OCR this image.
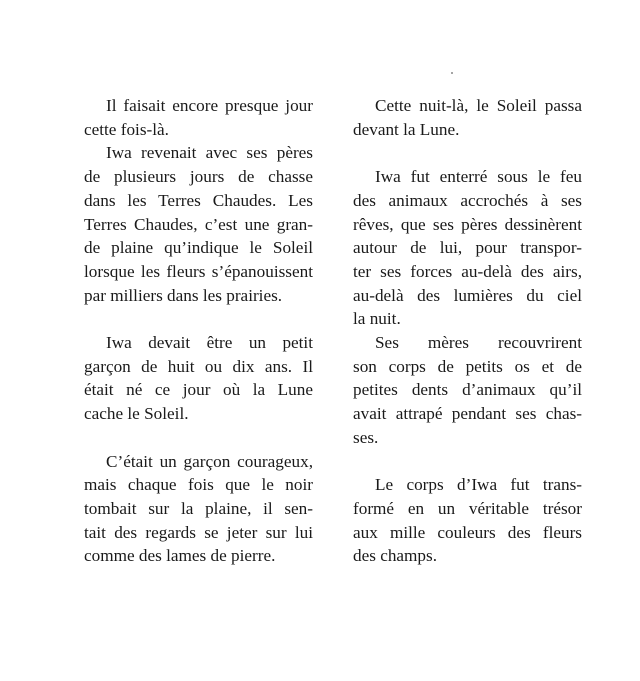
Il faisait encore presque jour
cette fois-là.
Iwa revenait avec ses pères
de plusieurs jours de chasse
dans les Terres Chaudes. Les
Terres Chaudes, c’est une gran-
de plaine qu’indique le Soleil
lorsque les fleurs s’épanouissent
par milliers dans les prairies.
Iwa devait être un petit
garçon de huit ou dix ans. Il
était né ce jour où la Lune
cache le Soleil.
C’était un garçon courageux,
mais chaque fois que le noir
tombait sur la plaine, il sen-
tait des regards se jeter sur lui
comme des lames de pierre.
Cette nuit-là, le Soleil passa
devant la Lune.
Iwa fut enterré sous le feu
des animaux accrochés à ses
rêves, que ses pères dessinèrent
autour de lui, pour transpor-
ter ses forces au-delà des airs,
au-delà des lumières du ciel
la nuit.
Ses mères recouvrirent
son corps de petits os et de
petites dents d’animaux qu’il
avait attrapé pendant ses chas-
ses.
Le corps d’Iwa fut trans-
formé en un véritable trésor
aux mille couleurs des fleurs
des champs.
